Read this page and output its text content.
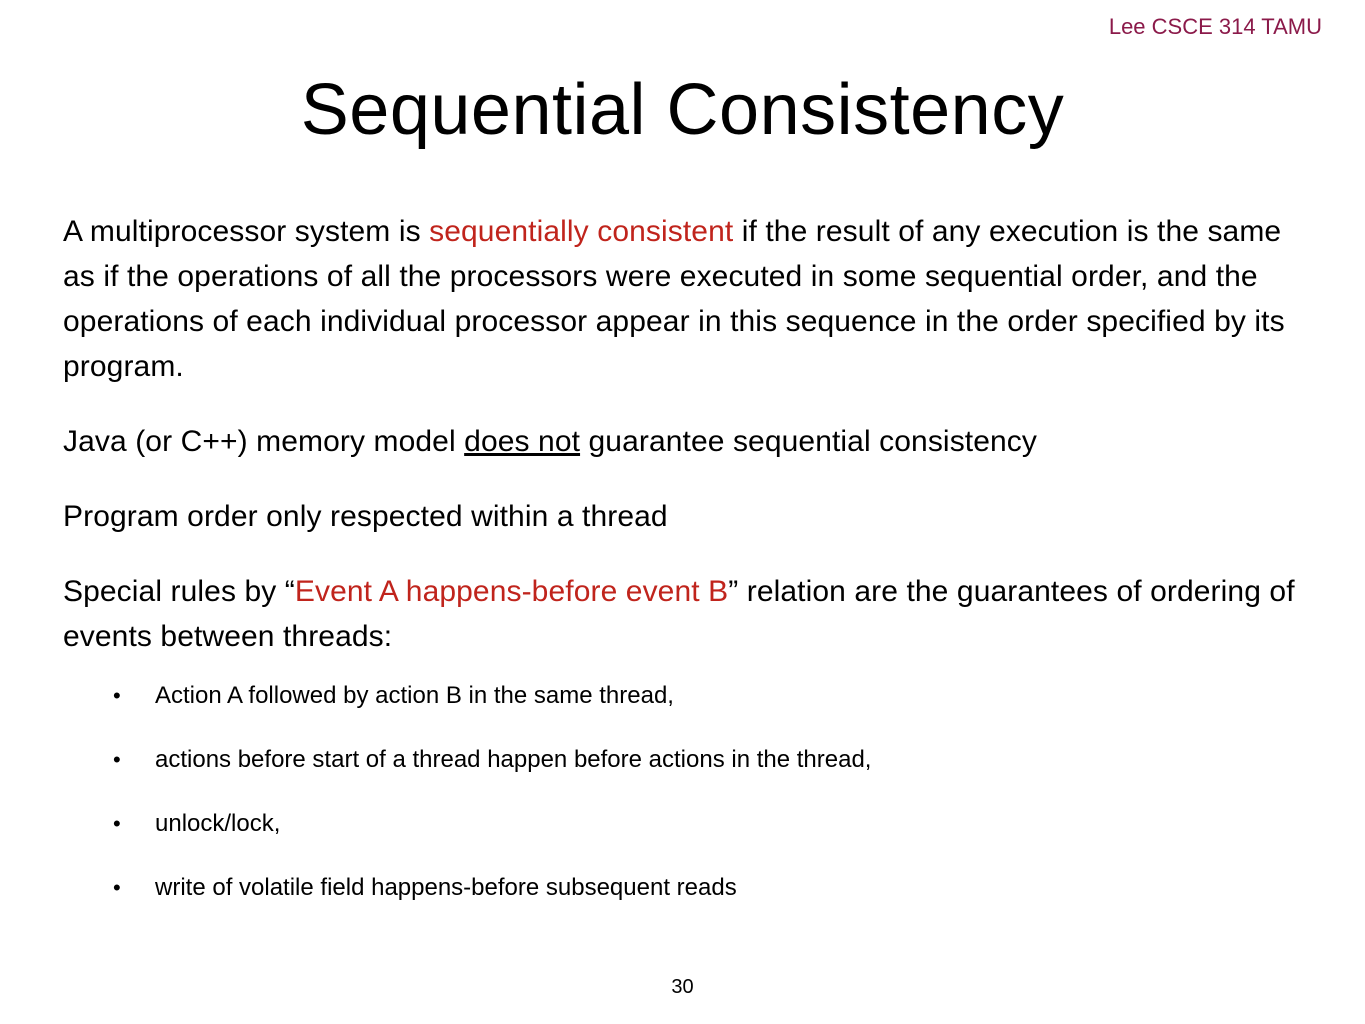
Lee CSCE 314 TAMU
Sequential Consistency

A multiprocessor system is sequentially consistent if the result of any execution is the same as if the operations of all the processors were executed in some sequential order, and the operations of each individual processor appear in this sequence in the order specified by its program.

Java (or C++) memory model does not guarantee sequential consistency

Program order only respected within a thread

Special rules by “Event A happens-before event B” relation are the guarantees of ordering of events between threads:

• Action A followed by action B in the same thread,
• actions before start of a thread happen before actions in the thread,
• unlock/lock,
• write of volatile field happens-before subsequent reads
30
